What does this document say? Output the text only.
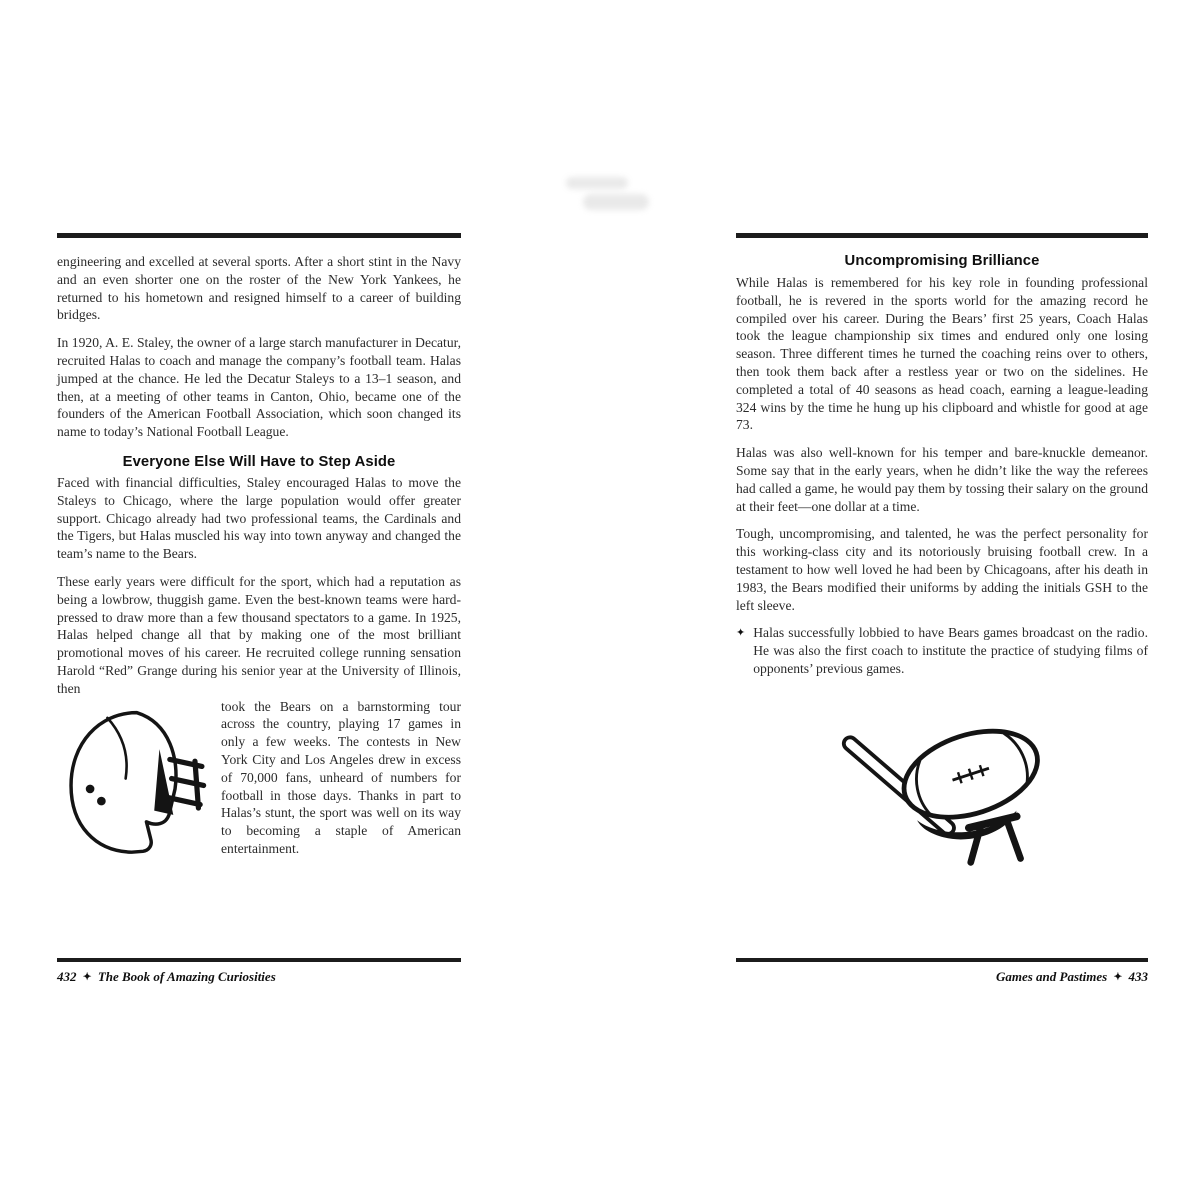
engineering and excelled at several sports. After a short stint in the Navy and an even shorter one on the roster of the New York Yankees, he returned to his hometown and resigned himself to a career of building bridges.

In 1920, A. E. Staley, the owner of a large starch manufacturer in Decatur, recruited Halas to coach and manage the company’s football team. Halas jumped at the chance. He led the Decatur Staleys to a 13–1 season, and then, at a meeting of other teams in Canton, Ohio, became one of the founders of the American Football Association, which soon changed its name to today’s National Football League.

Everyone Else Will Have to Step Aside

Faced with financial difficulties, Staley encouraged Halas to move the Staleys to Chicago, where the large population would offer greater support. Chicago already had two professional teams, the Cardinals and the Tigers, but Halas muscled his way into town anyway and changed the team’s name to the Bears.

These early years were difficult for the sport, which had a reputation as being a lowbrow, thuggish game. Even the best-known teams were hard-pressed to draw more than a few thousand spectators to a game. In 1925, Halas helped change all that by making one of the most brilliant promotional moves of his career. He recruited college running sensation Harold “Red” Grange during his senior year at the University of Illinois, then

took the Bears on a barnstorming tour across the country, playing 17 games in only a few weeks. The contests in New York City and Los Angeles drew in excess of 70,000 fans, unheard of numbers for football in those days. Thanks in part to Halas’s stunt, the sport was well on its way to becoming a staple of American entertainment.

432 ✦ The Book of Amazing Curiosities
Uncompromising Brilliance

While Halas is remembered for his key role in founding professional football, he is revered in the sports world for the amazing record he compiled over his career. During the Bears’ first 25 years, Coach Halas took the league championship six times and endured only one losing season. Three different times he turned the coaching reins over to others, then took them back after a restless year or two on the sidelines. He completed a total of 40 seasons as head coach, earning a league-leading 324 wins by the time he hung up his clipboard and whistle for good at age 73.

Halas was also well-known for his temper and bare-knuckle demeanor. Some say that in the early years, when he didn’t like the way the referees had called a game, he would pay them by tossing their salary on the ground at their feet—one dollar at a time.

Tough, uncompromising, and talented, he was the perfect personality for this working-class city and its notoriously bruising football crew. In a testament to how well loved he had been by Chicagoans, after his death in 1983, the Bears modified their uniforms by adding the initials GSH to the left sleeve.

✦ Halas successfully lobbied to have Bears games broadcast on the radio. He was also the first coach to institute the practice of studying films of opponents’ previous games.
Games and Pastimes ✦ 433
